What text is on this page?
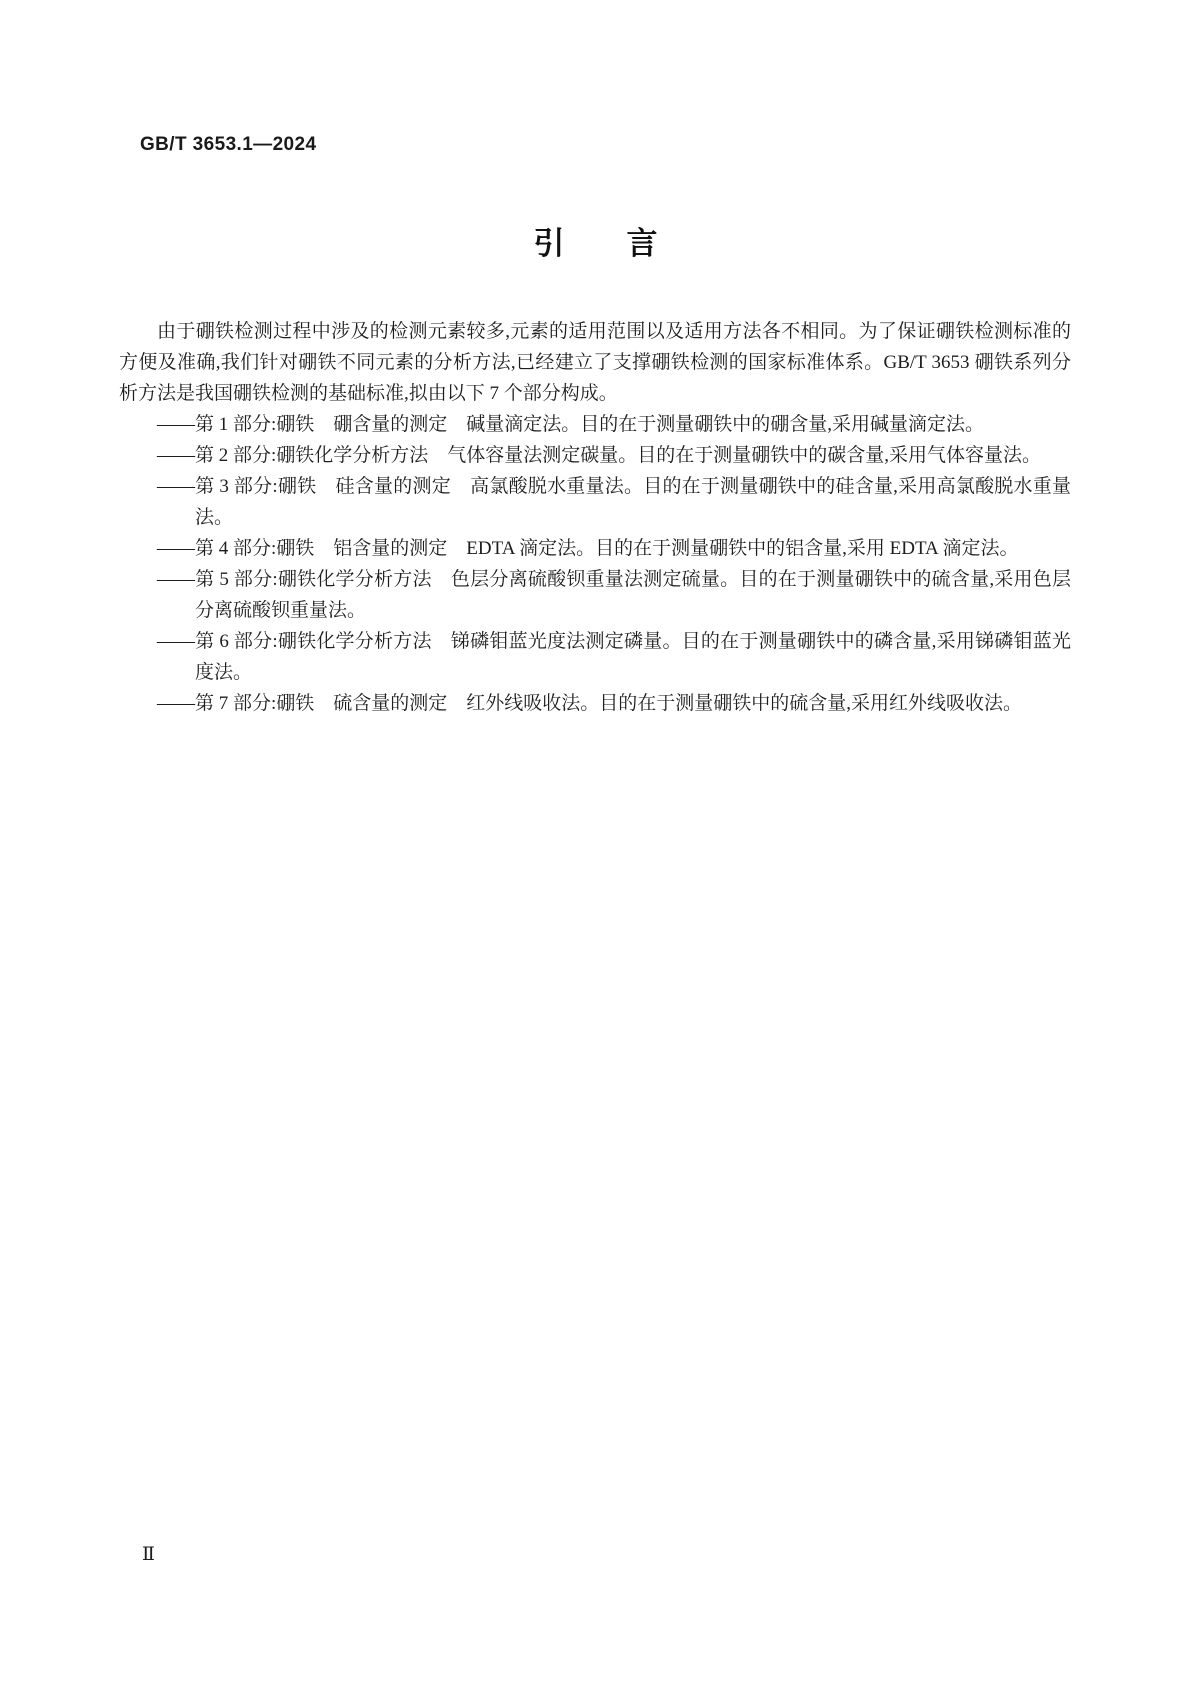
GB/T 3653.1—2024
引　　言

由于硼铁检测过程中涉及的检测元素较多,元素的适用范围以及适用方法各不相同。为了保证硼铁检测标准的方便及准确,我们针对硼铁不同元素的分析方法,已经建立了支撑硼铁检测的国家标准体系。GB/T 3653 硼铁系列分析方法是我国硼铁检测的基础标准,拟由以下 7 个部分构成。

——第 1 部分:硼铁　硼含量的测定　碱量滴定法。目的在于测量硼铁中的硼含量,采用碱量滴定法。

——第 2 部分:硼铁化学分析方法　气体容量法测定碳量。目的在于测量硼铁中的碳含量,采用气体容量法。

——第 3 部分:硼铁　硅含量的测定　高氯酸脱水重量法。目的在于测量硼铁中的硅含量,采用高氯酸脱水重量法。

——第 4 部分:硼铁　铝含量的测定　EDTA 滴定法。目的在于测量硼铁中的铝含量,采用 EDTA 滴定法。

——第 5 部分:硼铁化学分析方法　色层分离硫酸钡重量法测定硫量。目的在于测量硼铁中的硫含量,采用色层分离硫酸钡重量法。

——第 6 部分:硼铁化学分析方法　锑磷钼蓝光度法测定磷量。目的在于测量硼铁中的磷含量,采用锑磷钼蓝光度法。

——第 7 部分:硼铁　硫含量的测定　红外线吸收法。目的在于测量硼铁中的硫含量,采用红外线吸收法。

Ⅱ
